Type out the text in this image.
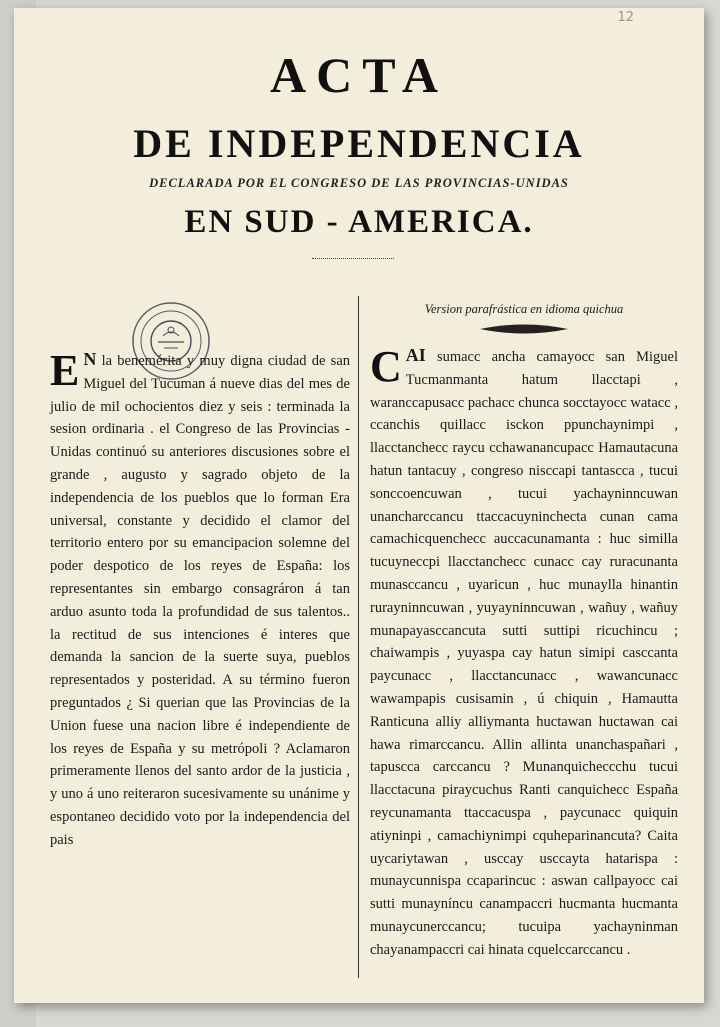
12
ACTA
DE INDEPENDENCIA
DECLARADA POR EL CONGRESO DE LAS PROVINCIAS-UNIDAS
EN SUD - AMERICA.

E N la benemérita y muy digna ciudad de san Miguel del Tucuman á nueve dias del mes de julio de mil ochocientos diez y seis : terminada la sesion ordinaria . el Congreso de las Provincias - Unidas continuó su anteriores discusiones sobre el grande , augusto y sagrado objeto de la independencia de los pueblos que lo forman Era universal, constante y decidido el clamor del territorio entero por su emancipacion solemne del poder despotico de los reyes de España: los representantes sin embargo consagráron á tan arduo asunto toda la profundidad de sus talentos.. la rectitud de sus intenciones é interes que demanda la sancion de la suerte suya, pueblos representados y posteridad. A su término fueron preguntados ¿ Si querian que las Provincias de la Union fuese una nacion libre é independiente de los reyes de España y su metrópoli ? Aclamaron primeramente llenos del santo ardor de la justicia , y uno á uno reiteraron sucesivamente su unánime y espontaneo decidido voto por la independencia del pais

Version parafrástica en idioma quichua

CAI sumacc ancha camayocc san Miguel Tucmanmanta hatum llacctapi , waranccapusacc pachacc chunca socctayocc watacc , ccanchis quillacc isckon ppunchaynimpi , llacctanchecc raycu cchawanancupacc Hamautacuna hatun tantacuy , congreso nisccapi tantascca , tucui sonccoencuwan , tucui yachayninncuwan unancharccancu ttaccacuyninchecta cunan cama camachicquenchecc auccacunamanta : huc similla tucuyneccpi llacctanchecc cunacc cay ruracunanta munasccancu , uyaricun , huc munaylla hinantin rurayninncuwan , yuyayninncuwan , wañuy , wañuy munapayasccancuta sutti suttipi ricuchincu ; chaiwampis , yuyaspa cay hatun simipi casccanta paycunacc , llacctancunacc , wawancunacc wawampapis cusisamin , ú chiquin , Hamautta Ranticuna alliy alliymanta huctawan huctawan cai hawa rimarccancu. Allin allinta unanchaspañari , tapuscca carccancu ? Munanquicheccchu tucui llacctacuna piraycuchus Ranti canquichecc España reycunamanta ttaccacuspa , paycunacc quiquin atiyninpi , camachiynimpi cquheparinancuta? Caita uycariytawan , usccay usccayta hatarispa : munaycunnispa ccaparincuc : aswan callpayocc cai sutti munayníncu canampaccri hucmanta hucmanta munaycunerccancu; tucuipa yachayninman chayanampaccri cai hinata cquelccarccancu .
